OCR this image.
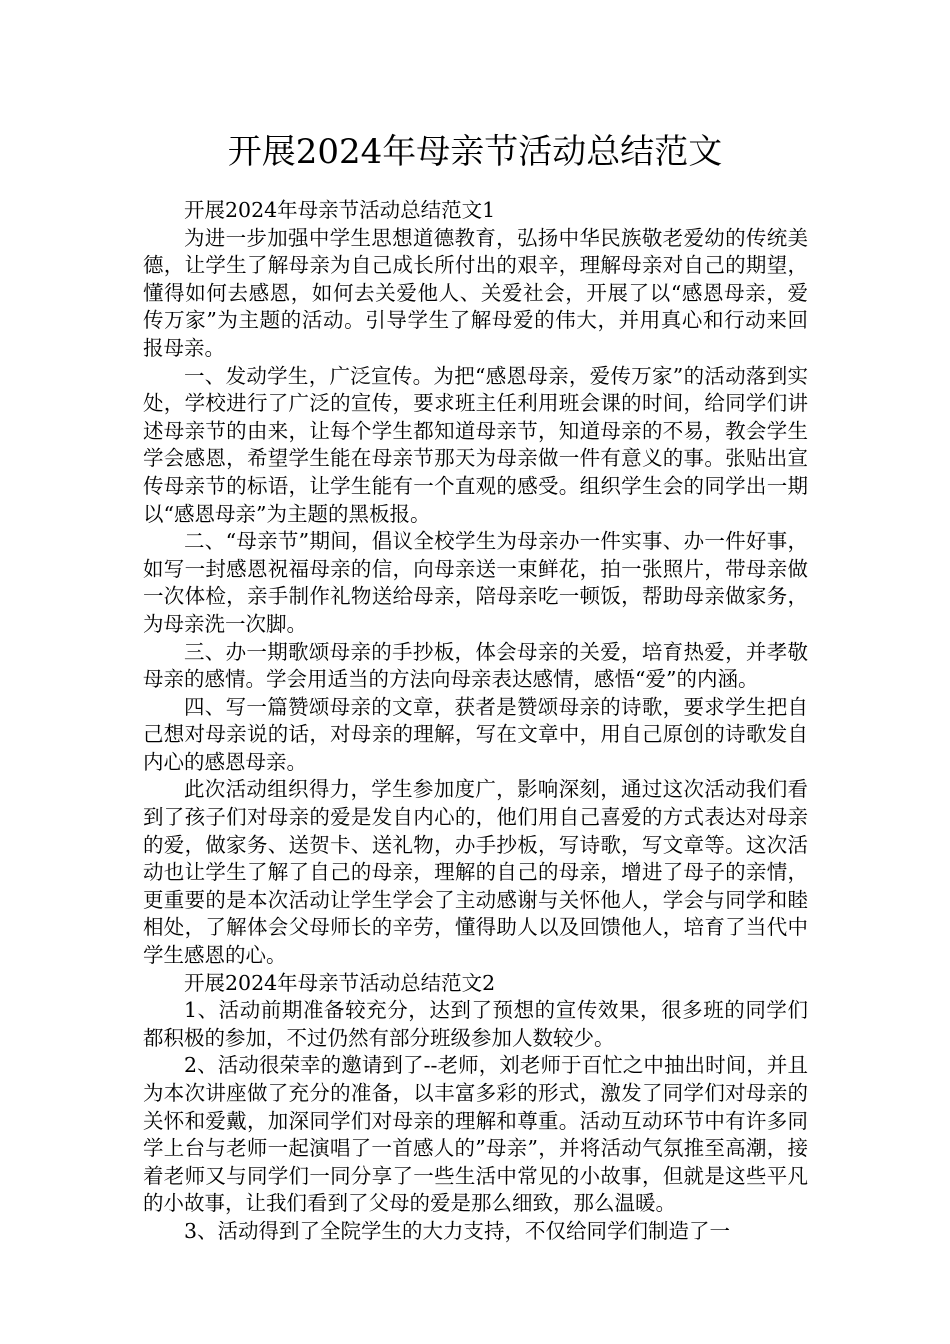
开展2024年母亲节活动总结范文

开展2024年母亲节活动总结范文1

为进一步加强中学生思想道德教育，弘扬中华民族敬老爱幼的传统美德，让学生了解母亲为自己成长所付出的艰辛，理解母亲对自己的期望，懂得如何去感恩，如何去关爱他人、关爱社会，开展了以“感恩母亲，爱传万家”为主题的活动。引导学生了解母爱的伟大，并用真心和行动来回报母亲。

一、发动学生，广泛宣传。为把“感恩母亲，爱传万家”的活动落到实处，学校进行了广泛的宣传，要求班主任利用班会课的时间，给同学们讲述母亲节的由来，让每个学生都知道母亲节，知道母亲的不易，教会学生学会感恩，希望学生能在母亲节那天为母亲做一件有意义的事。张贴出宣传母亲节的标语，让学生能有一个直观的感受。组织学生会的同学出一期以“感恩母亲”为主题的黑板报。

二、“母亲节”期间，倡议全校学生为母亲办一件实事、办一件好事，如写一封感恩祝福母亲的信，向母亲送一束鲜花，拍一张照片，带母亲做一次体检，亲手制作礼物送给母亲，陪母亲吃一顿饭，帮助母亲做家务，为母亲洗一次脚。

三、办一期歌颂母亲的手抄板，体会母亲的关爱，培育热爱，并孝敬母亲的感情。学会用适当的方法向母亲表达感情，感悟“爱”的内涵。

四、写一篇赞颂母亲的文章，获者是赞颂母亲的诗歌，要求学生把自己想对母亲说的话，对母亲的理解，写在文章中，用自己原创的诗歌发自内心的感恩母亲。

此次活动组织得力，学生参加度广，影响深刻，通过这次活动我们看到了孩子们对母亲的爱是发自内心的，他们用自己喜爱的方式表达对母亲的爱，做家务、送贺卡、送礼物，办手抄板，写诗歌，写文章等。这次活动也让学生了解了自己的母亲，理解的自己的母亲，增进了母子的亲情，更重要的是本次活动让学生学会了主动感谢与关怀他人，学会与同学和睦相处，了解体会父母师长的辛劳，懂得助人以及回馈他人，培育了当代中学生感恩的心。

开展2024年母亲节活动总结范文2

1、活动前期准备较充分，达到了预想的宣传效果，很多班的同学们都积极的参加，不过仍然有部分班级参加人数较少。

2、活动很荣幸的邀请到了--老师，刘老师于百忙之中抽出时间，并且为本次讲座做了充分的准备，以丰富多彩的形式，激发了同学们对母亲的关怀和爱戴，加深同学们对母亲的理解和尊重。活动互动环节中有许多同学上台与老师一起演唱了一首感人的”母亲”，并将活动气氛推至高潮，接着老师又与同学们一同分享了一些生活中常见的小故事，但就是这些平凡的小故事，让我们看到了父母的爱是那么细致，那么温暖。

3、活动得到了全院学生的大力支持，不仅给同学们制造了一
